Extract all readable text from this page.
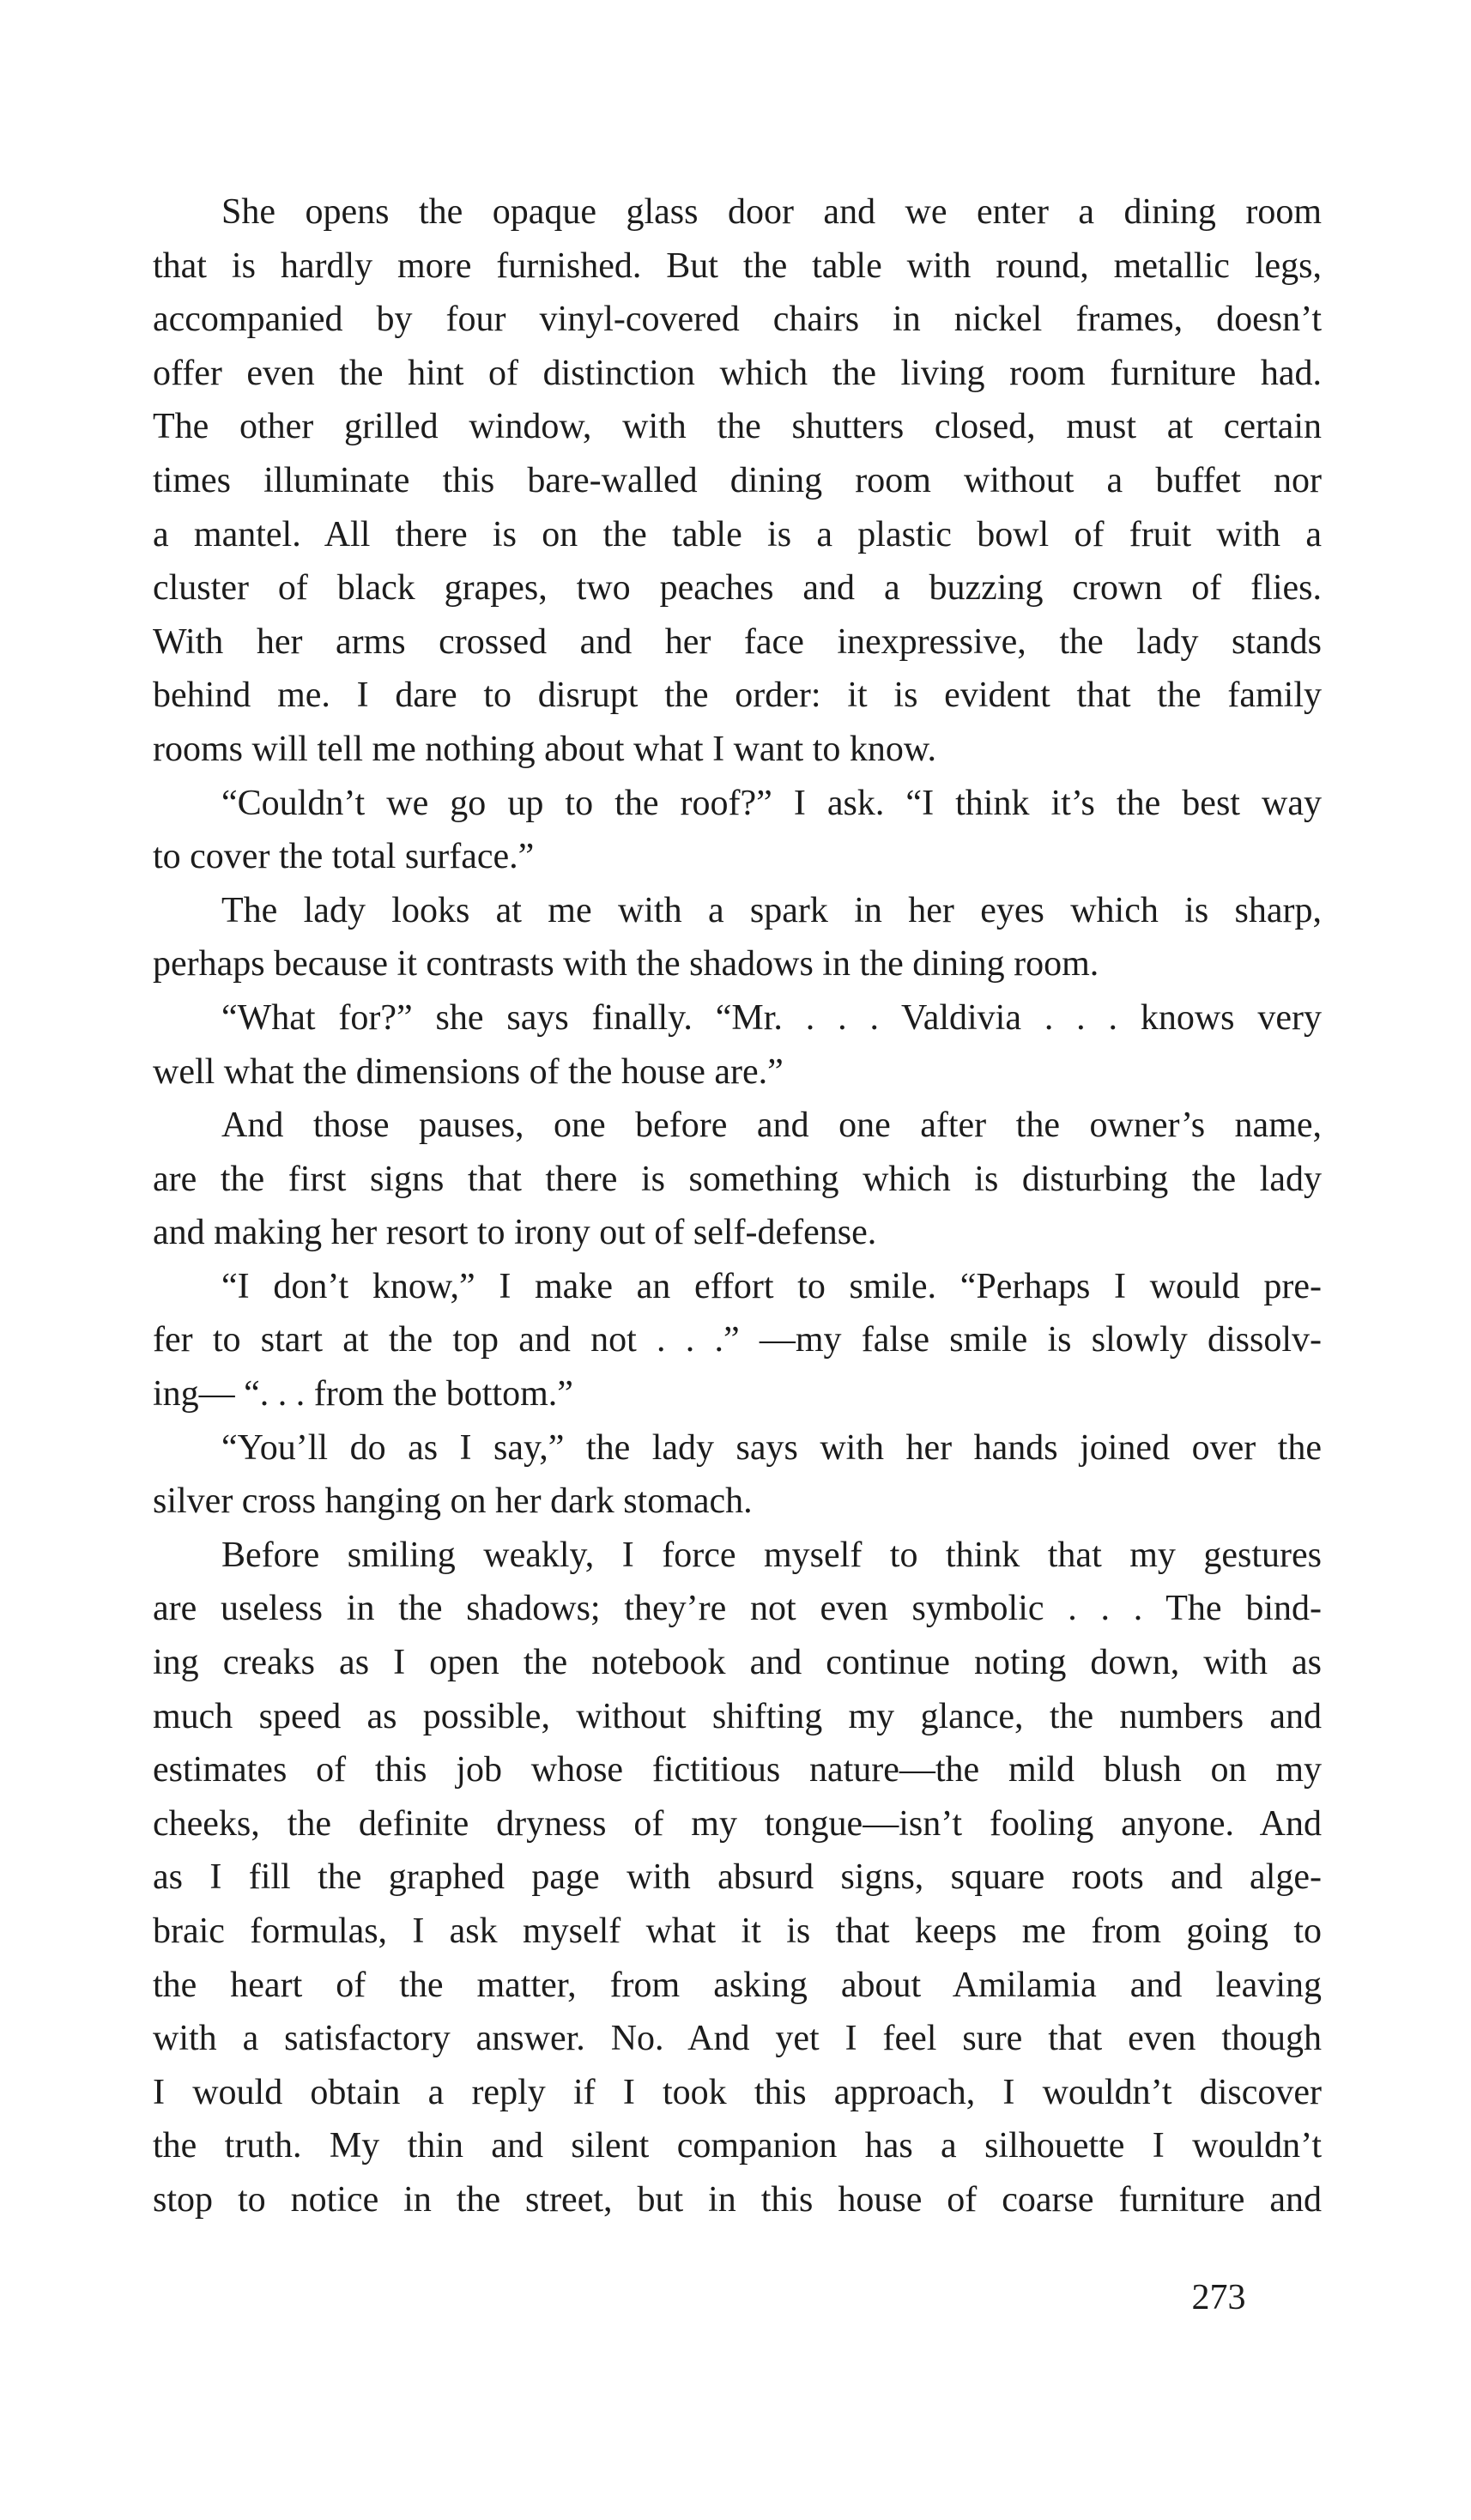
She opens the opaque glass door and we enter a dining room
that is hardly more furnished. But the table with round, metallic legs,
accompanied by four vinyl-covered chairs in nickel frames, doesn’t
offer even the hint of distinction which the living room furniture had.
The other grilled window, with the shutters closed, must at certain
times illuminate this bare-walled dining room without a buffet nor
a mantel. All there is on the table is a plastic bowl of fruit with a
cluster of black grapes, two peaches and a buzzing crown of flies.
With her arms crossed and her face inexpressive, the lady stands
behind me. I dare to disrupt the order: it is evident that the family
rooms will tell me nothing about what I want to know.
“Couldn’t we go up to the roof?” I ask. “I think it’s the best way
to cover the total surface.”
The lady looks at me with a spark in her eyes which is sharp,
perhaps because it contrasts with the shadows in the dining room.
“What for?” she says finally. “Mr. . . . Valdivia . . . knows very
well what the dimensions of the house are.”
And those pauses, one before and one after the owner’s name,
are the first signs that there is something which is disturbing the lady
and making her resort to irony out of self-defense.
“I don’t know,” I make an effort to smile. “Perhaps I would pre-
fer to start at the top and not . . .” —my false smile is slowly dissolv-
ing— “. . . from the bottom.”
“You’ll do as I say,” the lady says with her hands joined over the
silver cross hanging on her dark stomach.
Before smiling weakly, I force myself to think that my gestures
are useless in the shadows; they’re not even symbolic . . . The bind-
ing creaks as I open the notebook and continue noting down, with as
much speed as possible, without shifting my glance, the numbers and
estimates of this job whose fictitious nature—the mild blush on my
cheeks, the definite dryness of my tongue—isn’t fooling anyone. And
as I fill the graphed page with absurd signs, square roots and alge-
braic formulas, I ask myself what it is that keeps me from going to
the heart of the matter, from asking about Amilamia and leaving
with a satisfactory answer. No. And yet I feel sure that even though
I would obtain a reply if I took this approach, I wouldn’t discover
the truth. My thin and silent companion has a silhouette I wouldn’t
stop to notice in the street, but in this house of coarse furniture and
273
